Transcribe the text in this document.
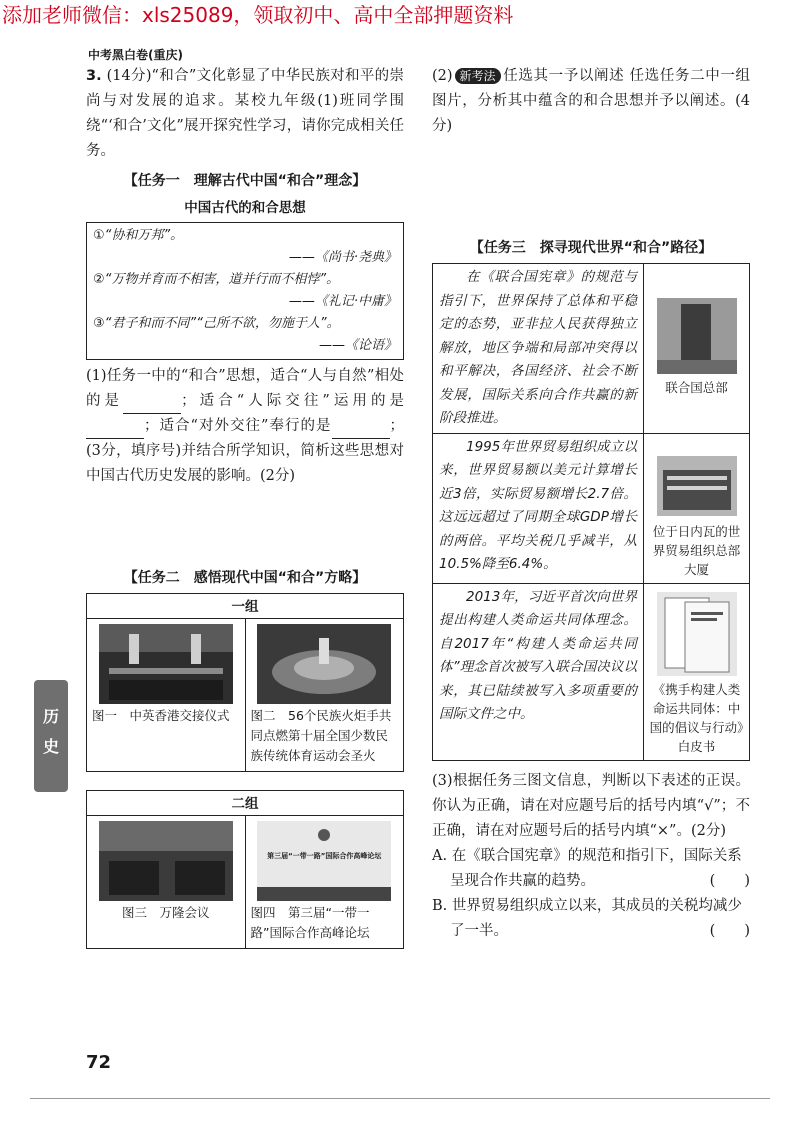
添加老师微信：xls25089，领取初中、高中全部押题资料
中考黑白卷(重庆)
历
史

3. (14分)“和合”文化彰显了中华民族对和平的崇尚与对发展的追求。某校九年级(1)班同学围绕“‘和合’文化”展开探究性学习，请你完成相关任务。

【任务一　理解古代中国“和合”理念】

中国古代的和合思想

①“协和万邦”。
——《尚书·尧典》
②“万物并育而不相害，道并行而不相悖”。
——《礼记·中庸》
③“君子和而不同”“己所不欲，勿施于人”。
——《论语》

(1)任务一中的“和合”思想，适合“人与自然”相处的是	；适合“人际交往”运用的是；适合“对外交往”奉行的是	；(3分，填序号)并结合所学知识，简析这些思想对中国古代历史发展的影响。(2分)

【任务二　感悟现代中国“和合”方略】

一组

图一　中英香港交接仪式	图二　56个民族火炬手共同点燃第十届全国少数民族传统体育运动会圣火
二组

图三　万隆会议	图四　第三届“一带一路”国际合作高峰论坛

(2) 新考法 任选其一予以阐述 任选任务二中一组图片，分析其中蕴含的和合思想并予以阐述。(4分)

【任务三　探寻现代世界“和合”路径】

在《联合国宪章》的规范与指引下，世界保持了总体和平稳定的态势，亚非拉人民获得独立解放，地区争端和局部冲突得以和平解决，各国经济、社会不断发展，国际关系向合作共赢的新阶段推进。	联合国总部

1995年世界贸易组织成立以来，世界贸易额以美元计算增长近3倍，实际贸易额增长2.7倍。这远远超过了同期全球GDP增长的两倍。平均关税几乎减半，从10.5%降至6.4%。	位于日内瓦的世界贸易组织总部大厦

2013年，习近平首次向世界提出构建人类命运共同体理念。自2017年“构建人类命运共同体”理念首次被写入联合国决议以来，其已陆续被写入多项重要的国际文件之中。	《携手构建人类命运共同体：中国的倡议与行动》白皮书

(3)根据任务三图文信息，判断以下表述的正误。你认为正确，请在对应题号后的括号内填“√”；不正确，请在对应题号后的括号内填“×”。(2分)

A. 在《联合国宪章》的规范和指引下，国际关系呈现合作共赢的趋势。	(　　)

B. 世界贸易组织成立以来，其成员的关税均减少了一半。	(　　)

72
